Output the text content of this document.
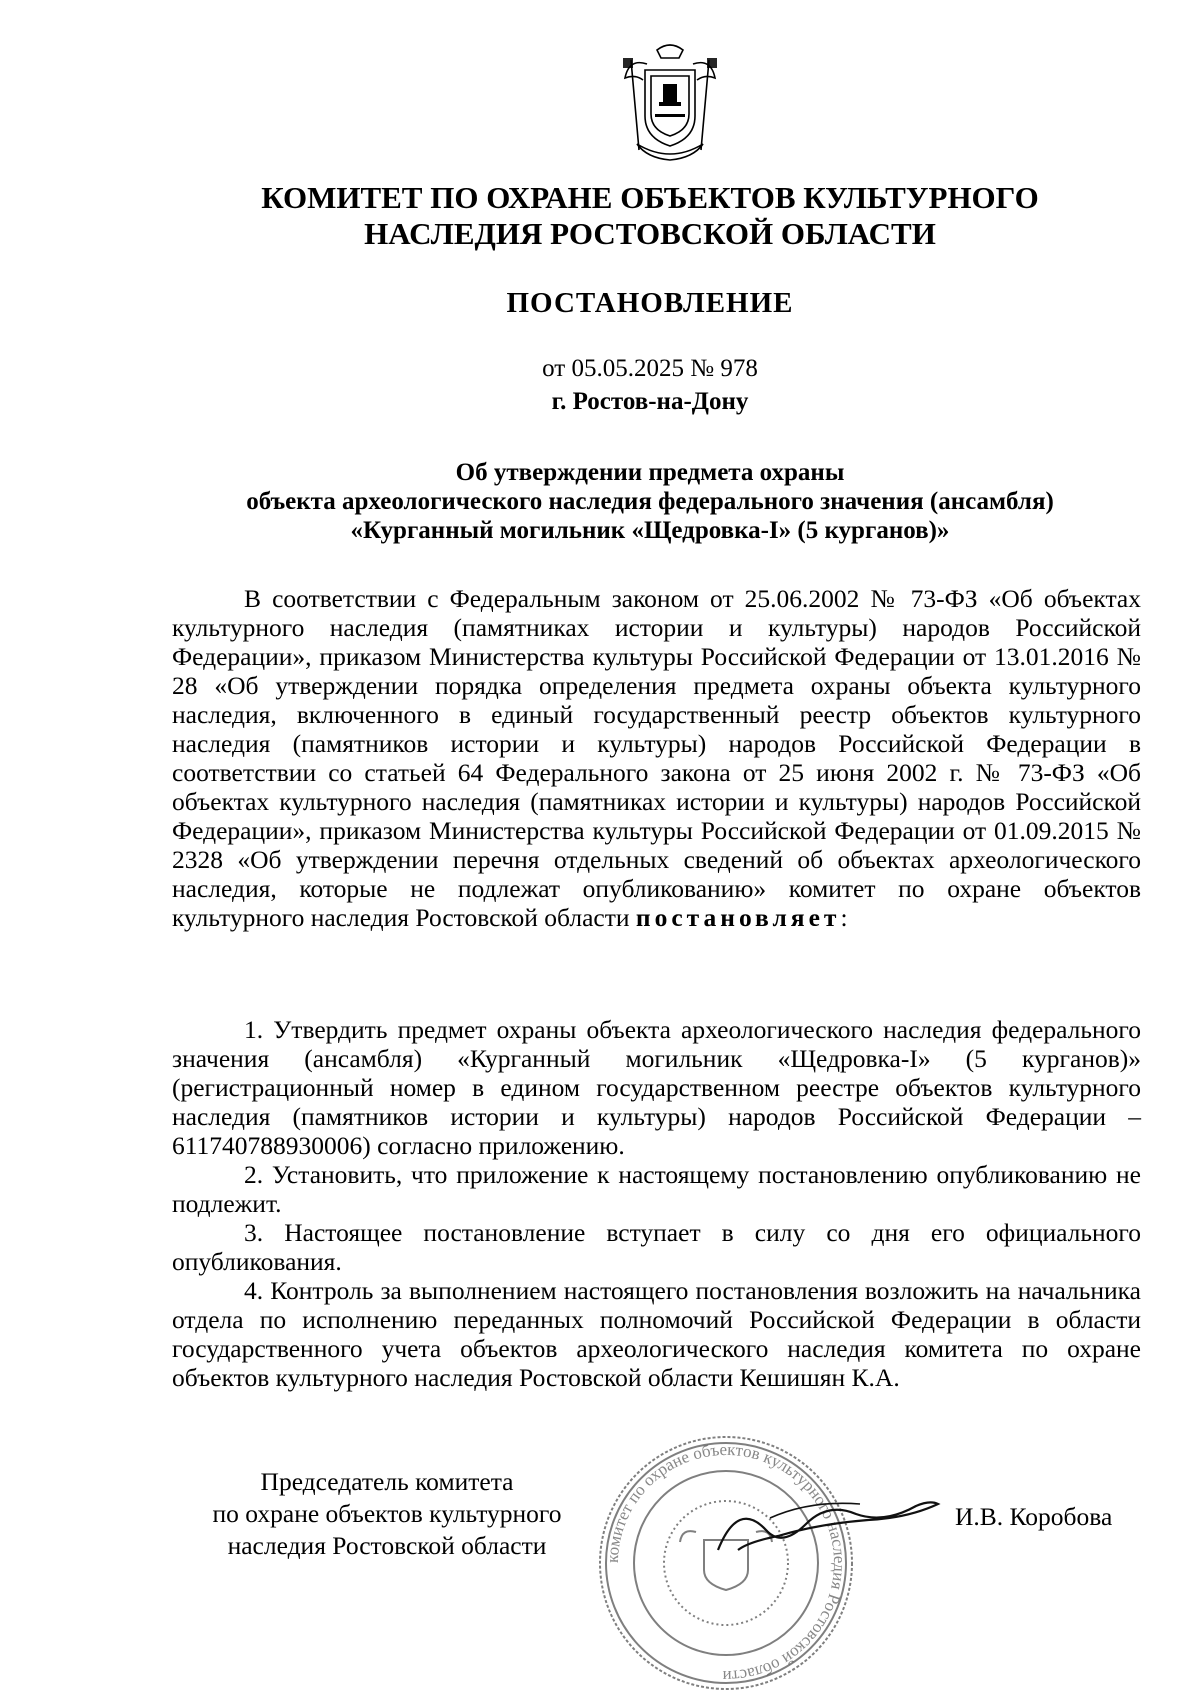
КОМИТЕТ ПО ОХРАНЕ ОБЪЕКТОВ КУЛЬТУРНОГО
НАСЛЕДИЯ РОСТОВСКОЙ ОБЛАСТИ
ПОСТАНОВЛЕНИЕ
от 05.05.2025 № 978
г. Ростов-на-Дону
Об утверждении предмета охраны
объекта археологического наследия федерального значения (ансамбля)
«Курганный могильник «Щедровка-I» (5 курганов)»

В соответствии с Федеральным законом от 25.06.2002 № 73-ФЗ «Об объектах культурного наследия (памятниках истории и культуры) народов Российской Федерации», приказом Министерства культуры Российской Федерации от 13.01.2016 № 28 «Об утверждении порядка определения предмета охраны объекта культурного наследия, включенного в единый государственный реестр объектов культурного наследия (памятников истории и культуры) народов Российской Федерации в соответствии со статьей 64 Федерального закона от 25 июня 2002 г. № 73-ФЗ «Об объектах культурного наследия (памятниках истории и культуры) народов Российской Федерации», приказом Министерства культуры Российской Федерации от 01.09.2015 № 2328 «Об утверждении перечня отдельных сведений об объектах археологического наследия, которые не подлежат опубликованию» комитет по охране объектов культурного наследия Ростовской области постановляет:

1. Утвердить предмет охраны объекта археологического наследия федерального значения (ансамбля) «Курганный могильник «Щедровка-I» (5 курганов)» (регистрационный номер в едином государственном реестре объектов культурного наследия (памятников истории и культуры) народов Российской Федерации – 611740788930006) согласно приложению.

2. Установить, что приложение к настоящему постановлению опубликованию не подлежит.

3. Настоящее постановление вступает в силу со дня его официального опубликования.

4. Контроль за выполнением настоящего постановления возложить на начальника отдела по исполнению переданных полномочий Российской Федерации в области государственного учета объектов археологического наследия комитета по охране объектов культурного наследия Ростовской области Кешишян К.А.

комитет по охране объектов культурного наследия Ростовской области
Председатель комитета
по охране объектов культурного
наследия Ростовской области
И.В. Коробова
